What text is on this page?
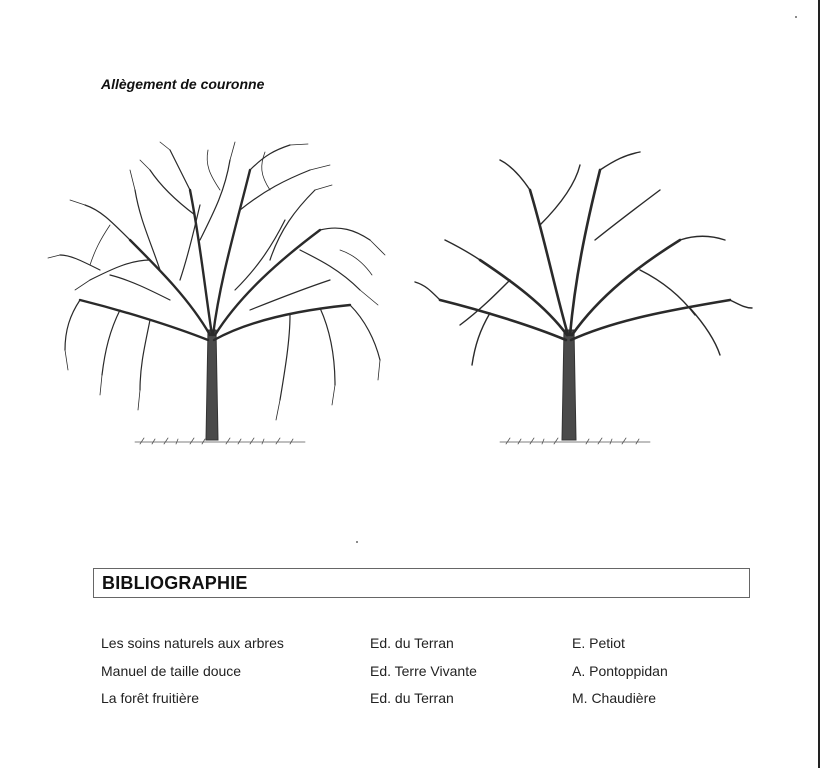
Allègement de couronne
BIBLIOGRAPHIE
Les soins naturels aux arbres	Ed. du Terran	E. Petiot
Manuel de taille douce	Ed. Terre Vivante	A. Pontoppidan
La forêt fruitière	Ed. du Terran	M. Chaudière
